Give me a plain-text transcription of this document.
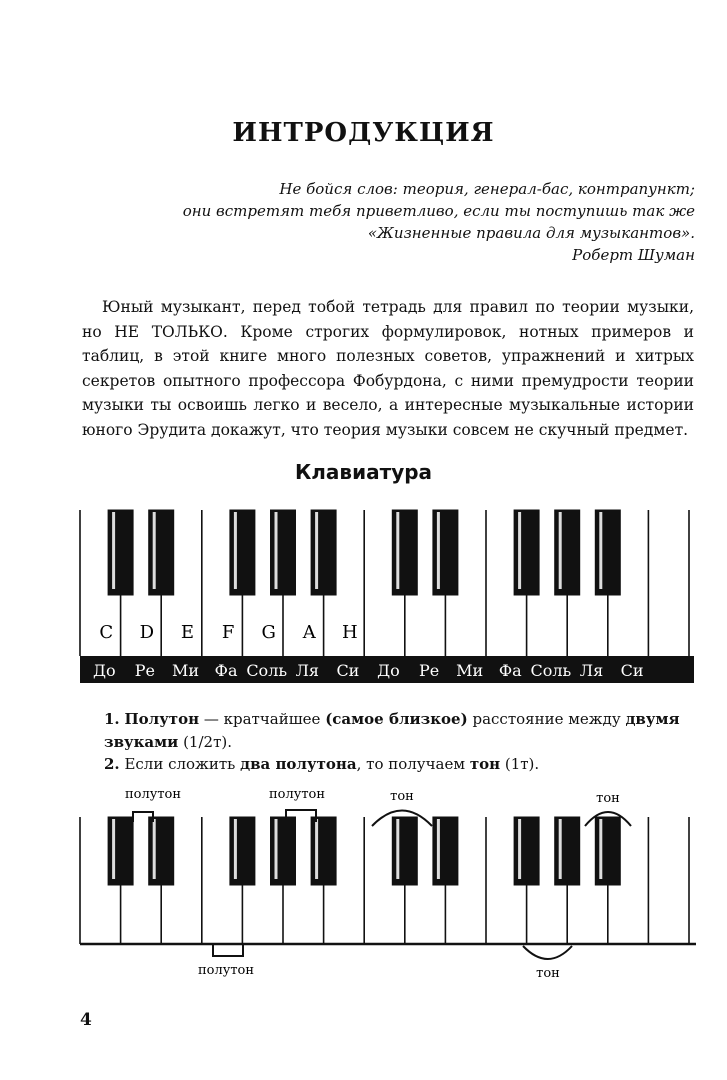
ИНТРОДУКЦИЯ
Не бойся слов: теория, генерал-бас, контрапункт;
они встретят тебя приветливо, если ты поступишь так же
«Жизненные правила для музыкантов».
Роберт Шуман

Юный музыкант, перед тобой тетрадь для правил по теории музыки, но НЕ ТОЛЬКО. Кроме строгих формулировок, нотных примеров и таблиц, в этой книге много полезных советов, упражнений и хитрых секретов опытного профессора Фобурдона, с ними премудрости теории музыки ты освоишь легко и весело, а интересные музыкальные истории юного Эрудита докажут, что теория музыки совсем не скучный предмет.

Клавиатура
C D E F G A H
До Ре Ми Фа Соль Ля Си До Ре Ми Фа Соль Ля Си
1. Полутон — кратчайшее (самое близкое) расстояние между двумя звуками (1/2т).
2. Если сложить два полутона, то получаем тон (1т).
полутон	полутон	тон	тон
полутон	тон
4
